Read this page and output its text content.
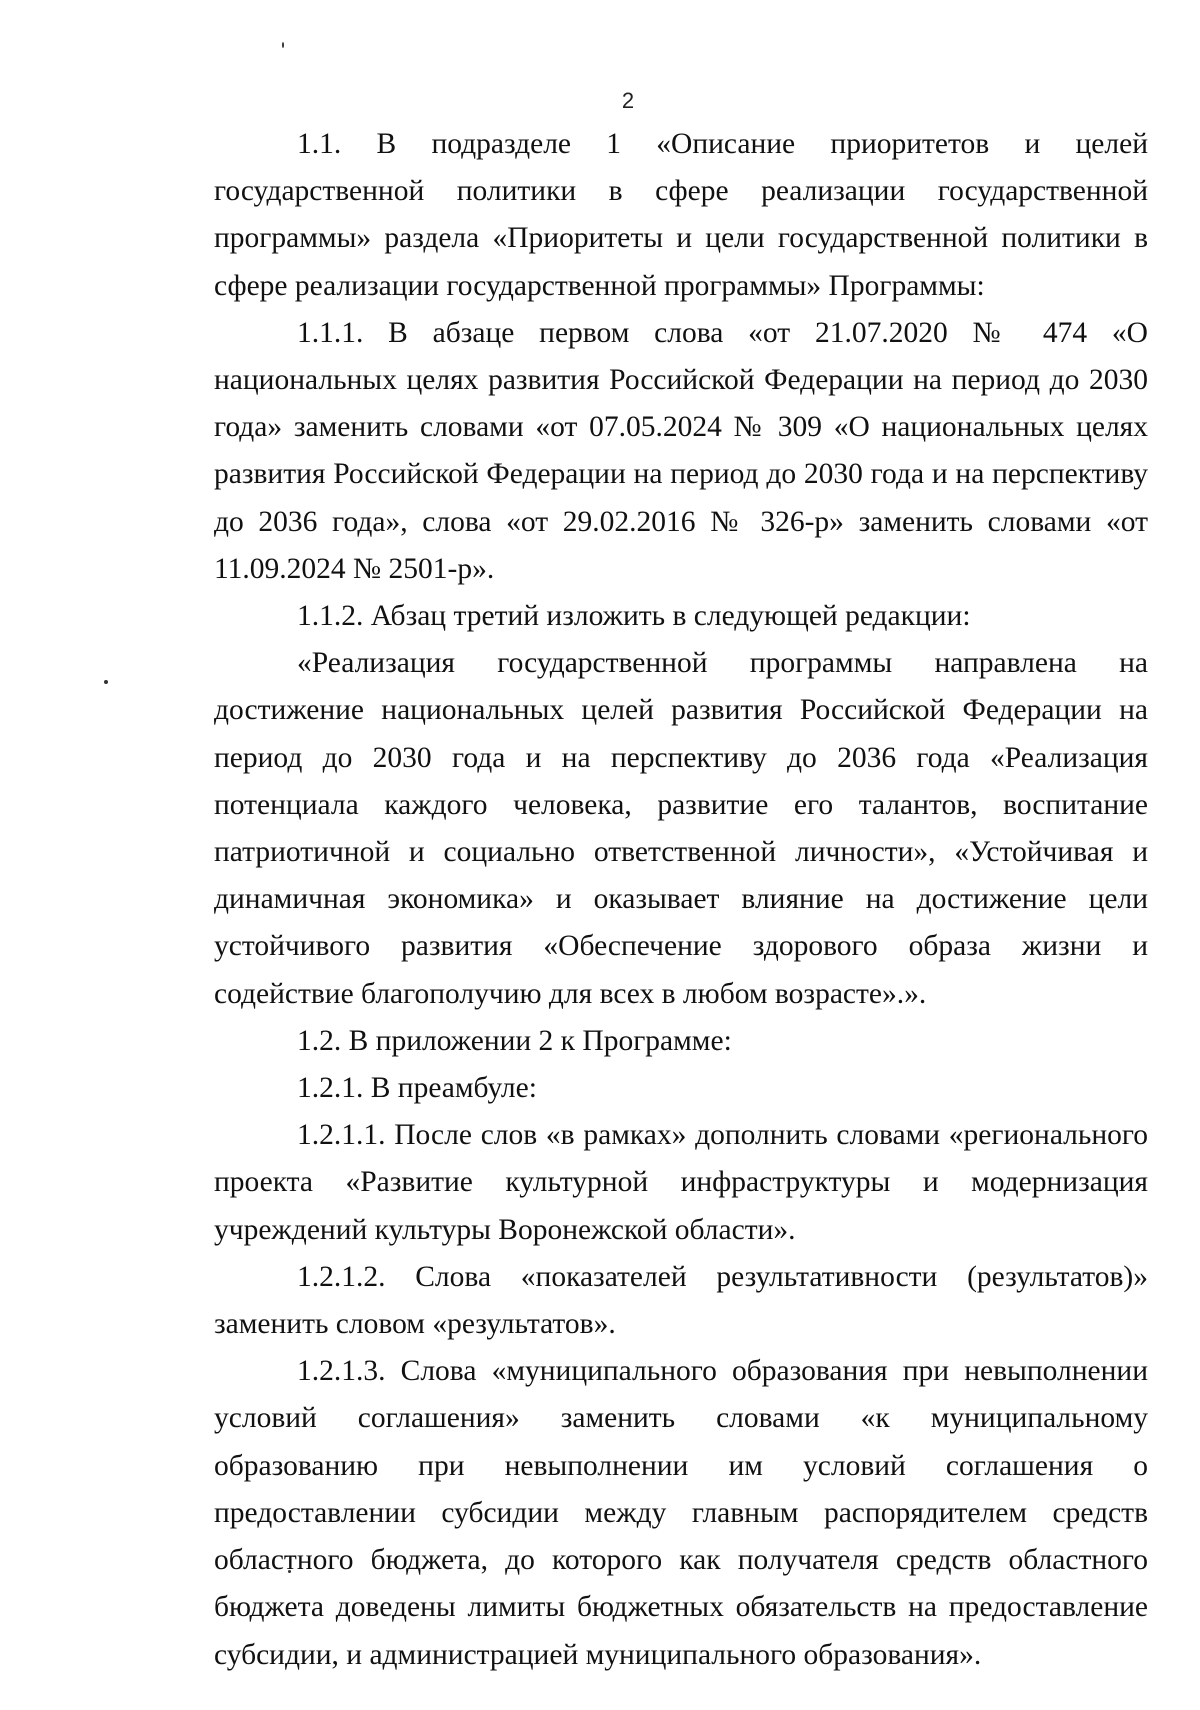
2

1.1. В подразделе 1 «Описание приоритетов и целей государственной политики в сфере реализации государственной программы» раздела «Приоритеты и цели государственной политики в сфере реализации государственной программы» Программы:

1.1.1. В абзаце первом слова «от 21.07.2020 № 474 «О национальных целях развития Российской Федерации на период до 2030 года» заменить словами «от 07.05.2024 № 309 «О национальных целях развития Российской Федерации на период до 2030 года и на перспективу до 2036 года», слова «от 29.02.2016 № 326-р» заменить словами «от 11.09.2024 № 2501-р».

1.1.2. Абзац третий изложить в следующей редакции:

«Реализация государственной программы направлена на достижение национальных целей развития Российской Федерации на период до 2030 года и на перспективу до 2036 года «Реализация потенциала каждого человека, развитие его талантов, воспитание патриотичной и социально ответственной личности», «Устойчивая и динамичная экономика» и оказывает влияние на достижение цели устойчивого развития «Обеспечение здорового образа жизни и содействие благополучию для всех в любом возрасте».».

1.2. В приложении 2 к Программе:

1.2.1. В преамбуле:

1.2.1.1. После слов «в рамках» дополнить словами «регионального проекта «Развитие культурной инфраструктуры и модернизация учреждений культуры Воронежской области».

1.2.1.2. Слова «показателей результативности (результатов)» заменить словом «результатов».

1.2.1.3. Слова «муниципального образования при невыполнении условий соглашения» заменить словами «к муниципальному образованию при невыполнении им условий соглашения о предоставлении субсидии между главным распорядителем средств областного бюджета, до которого как получателя средств областного бюджета доведены лимиты бюджетных обязательств на предоставление субсидии, и администрацией муниципального образования».
